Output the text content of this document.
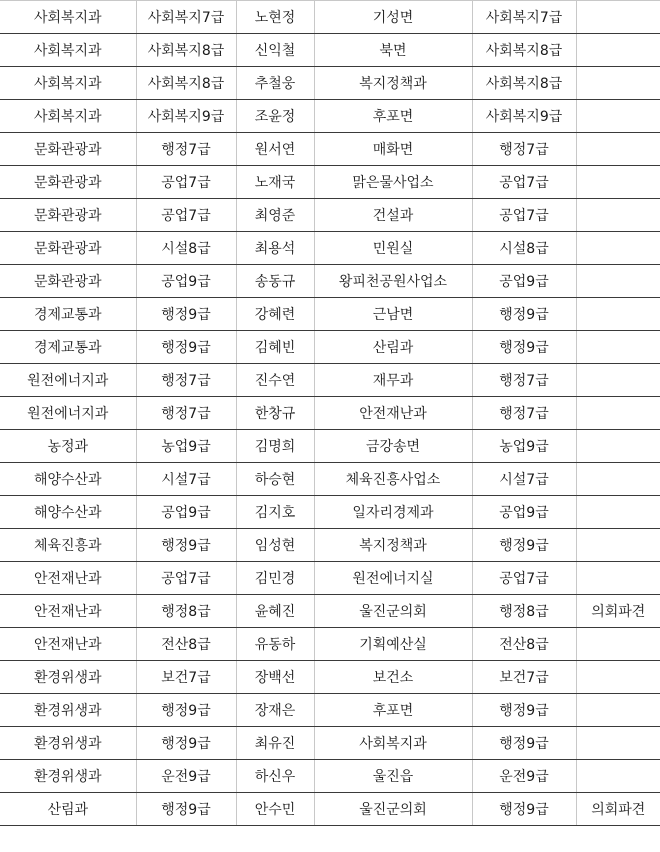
사회복지과	사회복지7급	노현정	기성면	사회복지7급	
사회복지과	사회복지8급	신익철	북면	사회복지8급	
사회복지과	사회복지8급	추철웅	복지정책과	사회복지8급	
사회복지과	사회복지9급	조윤정	후포면	사회복지9급	
문화관광과	행정7급	원서연	매화면	행정7급	
문화관광과	공업7급	노재국	맑은물사업소	공업7급	
문화관광과	공업7급	최영준	건설과	공업7급	
문화관광과	시설8급	최용석	민원실	시설8급	
문화관광과	공업9급	송동규	왕피천공원사업소	공업9급	
경제교통과	행정9급	강혜련	근남면	행정9급	
경제교통과	행정9급	김혜빈	산림과	행정9급	
원전에너지과	행정7급	진수연	재무과	행정7급	
원전에너지과	행정7급	한창규	안전재난과	행정7급	
농정과	농업9급	김명희	금강송면	농업9급	
해양수산과	시설7급	하승현	체육진흥사업소	시설7급	
해양수산과	공업9급	김지호	일자리경제과	공업9급	
체육진흥과	행정9급	임성현	복지정책과	행정9급	
안전재난과	공업7급	김민경	원전에너지실	공업7급	
안전재난과	행정8급	윤혜진	울진군의회	행정8급	의회파견
안전재난과	전산8급	유동하	기획예산실	전산8급	
환경위생과	보건7급	장백선	보건소	보건7급	
환경위생과	행정9급	장재은	후포면	행정9급	
환경위생과	행정9급	최유진	사회복지과	행정9급	
환경위생과	운전9급	하신우	울진읍	운전9급	
산림과	행정9급	안수민	울진군의회	행정9급	의회파견
